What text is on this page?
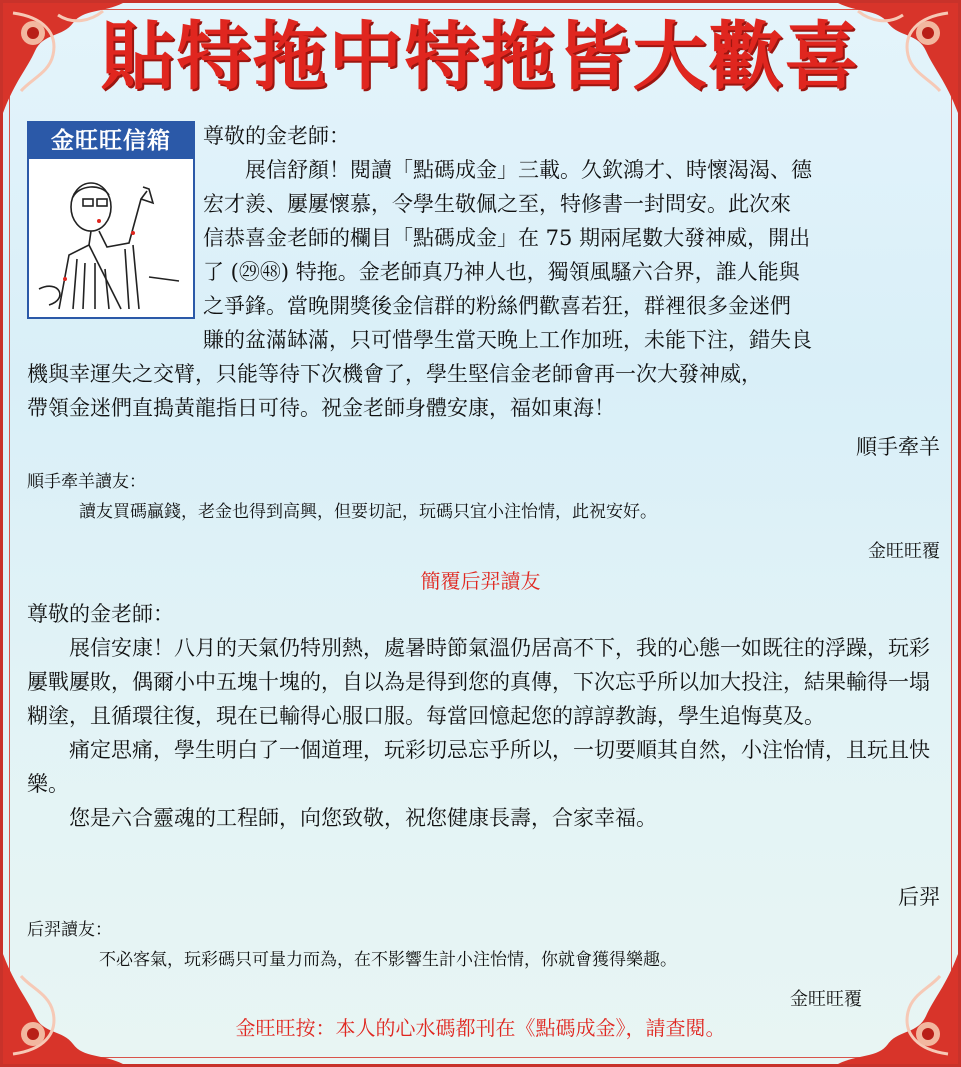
貼特拖中特拖皆大歡喜
金旺旺信箱	尊敬的金老師：

展信舒顏！閱讀「點碼成金」三載。久欽鴻才、時懷渴渴、德

宏才羨、屢屢懷慕，令學生敬佩之至，特修書一封問安。此次來

信恭喜金老師的欄目「點碼成金」在 75 期兩尾數大發神威，開出

了 (㉙㊽) 特拖。金老師真乃神人也，獨領風騷六合界，誰人能與

之爭鋒。當晚開獎後金信群的粉絲們歡喜若狂，群裡很多金迷們

賺的盆滿缽滿，只可惜學生當天晚上工作加班，未能下注，錯失良

機與幸運失之交臂，只能等待下次機會了，學生堅信金老師會再一次大發神威，

帶領金迷們直搗黃龍指日可待。祝金老師身體安康，福如東海！

順手牽羊
順手牽羊讀友：
讀友買碼贏錢，老金也得到高興，但要切記，玩碼只宜小注怡情，此祝安好。
金旺旺覆
簡覆后羿讀友

尊敬的金老師：

展信安康！八月的天氣仍特別熱，處暑時節氣溫仍居高不下，我的心態一如既往的浮躁，玩彩屢戰屢敗，偶爾小中五塊十塊的，自以為是得到您的真傳，下次忘乎所以加大投注，結果輸得一塌糊塗，且循環往復，現在已輸得心服口服。每當回憶起您的諄諄教誨，學生追悔莫及。

痛定思痛，學生明白了一個道理，玩彩切忌忘乎所以，一切要順其自然，小注怡情，且玩且快樂。

您是六合靈魂的工程師，向您致敬，祝您健康長壽，合家幸福。

后羿
后羿讀友：
不必客氣，玩彩碼只可量力而為，在不影響生計小注怡情，你就會獲得樂趣。
金旺旺覆
金旺旺按：本人的心水碼都刊在《點碼成金》，請查閱。
